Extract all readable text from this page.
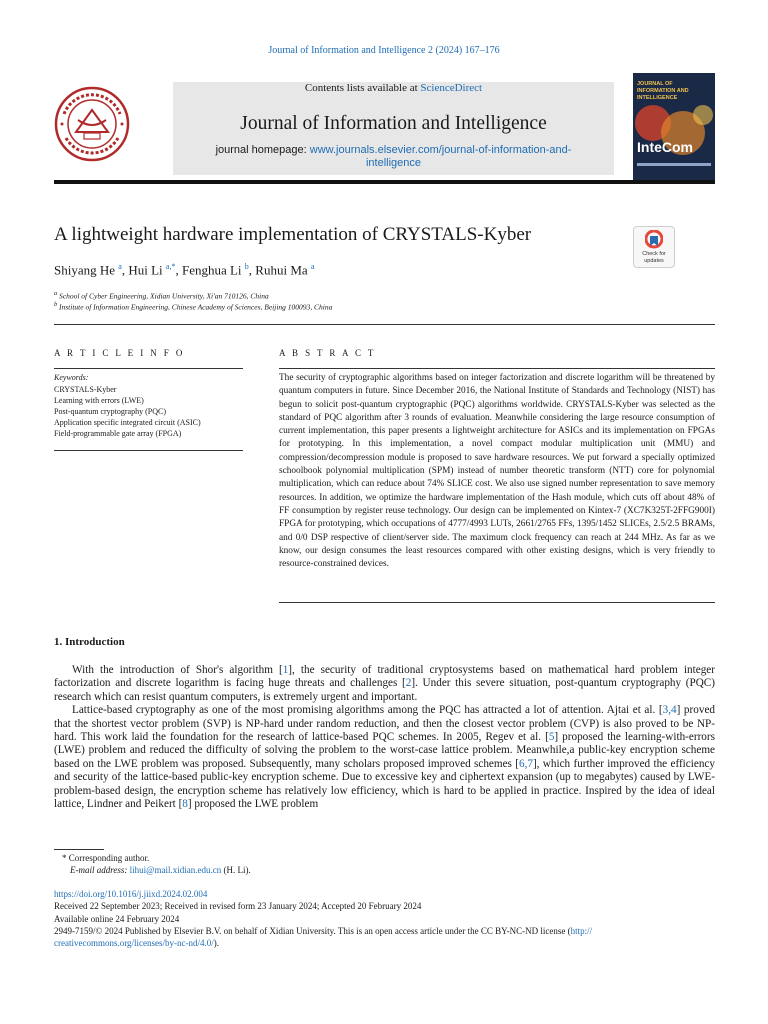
Journal of Information and Intelligence 2 (2024) 167–176
Contents lists available at ScienceDirect
Journal of Information and Intelligence
journal homepage: www.journals.elsevier.com/journal-of-information-and-
intelligence
JOURNAL OF INFORMATION AND INTELLIGENCE
InteCom
A lightweight hardware implementation of CRYSTALS-Kyber
Check for
updates
Shiyang He $^a$, Hui Li $^{a,*}$, Fenghua Li $^b$, Ruhui Ma $^a$
$^a$ School of Cyber Engineering, Xidian University, Xi'an 710126, China
$^b$ Institute of Information Engineering, Chinese Academy of Sciences, Beijing 100093, China
A R T I C L E I N F O	A B S T R A C T
Keywords:
CRYSTALS-Kyber
Learning with errors (LWE)
Post-quantum cryptography (PQC)
Application specific integrated circuit (ASIC)
Field-programmable gate array (FPGA)
The security of cryptographic algorithms based on integer factorization and discrete logarithm will be threatened by quantum computers in future. Since December 2016, the National Institute of Standards and Technology (NIST) has begun to solicit post-quantum cryptographic (PQC) algorithms worldwide. CRYSTALS-Kyber was selected as the standard of PQC algorithm after 3 rounds of evaluation. Meanwhile considering the large resource consumption of current implementation, this paper presents a lightweight architecture for ASICs and its implementation on FPGAs for prototyping. In this implementation, a novel compact modular multiplication unit (MMU) and compression/decompression module is proposed to save hardware resources. We put forward a specially optimized schoolbook polynomial multiplication (SPM) instead of number theoretic transform (NTT) core for polynomial multiplication, which can reduce about 74% SLICE cost. We also use signed number representation to save memory resources. In addition, we optimize the hardware implementation of the Hash module, which cuts off about 48% of FF consumption by register reuse technology. Our design can be implemented on Kintex-7 (XC7K325T-2FFG900I) FPGA for prototyping, which occupations of 4777/4993 LUTs, 2661/2765 FFs, 1395/1452 SLICEs, 2.5/2.5 BRAMs, and 0/0 DSP respective of client/server side. The maximum clock frequency can reach at 244 MHz. As far as we know, our design consumes the least resources compared with other existing designs, which is very friendly to resource-constrained devices.
1. Introduction

With the introduction of Shor's algorithm [1], the security of traditional cryptosystems based on mathematical hard problem integer factorization and discrete logarithm is facing huge threats and challenges [2]. Under this severe situation, post-quantum cryptography (PQC) research which can resist quantum computers, is extremely urgent and important.

Lattice-based cryptography as one of the most promising algorithms among the PQC has attracted a lot of attention. Ajtai et al. [3,4] proved that the shortest vector problem (SVP) is NP-hard under random reduction, and then the closest vector problem (CVP) is also proved to be NP-hard. This work laid the foundation for the research of lattice-based PQC schemes. In 2005, Regev et al. [5] proposed the learning-with-errors (LWE) problem and reduced the difficulty of solving the problem to the worst-case lattice problem. Meanwhile,a public-key encryption scheme based on the LWE problem was proposed. Subsequently, many scholars proposed improved schemes [6,7], which further improved the efficiency and security of the lattice-based public-key encryption scheme. Due to excessive key and ciphertext expansion (up to megabytes) caused by LWE-problem-based design, the encryption scheme has relatively low efficiency, which is hard to be applied in practice. Inspired by the idea of ideal lattice, Lindner and Peikert [8] proposed the LWE problem

* Corresponding author.
E-mail address: lihui@mail.xidian.edu.cn (H. Li).
https://doi.org/10.1016/j.jiixd.2024.02.004
Received 22 September 2023; Received in revised form 23 January 2024; Accepted 20 February 2024
Available online 24 February 2024
2949-7159/© 2024 Published by Elsevier B.V. on behalf of Xidian University. This is an open access article under the CC BY-NC-ND license (http://
creativecommons.org/licenses/by-nc-nd/4.0/).
